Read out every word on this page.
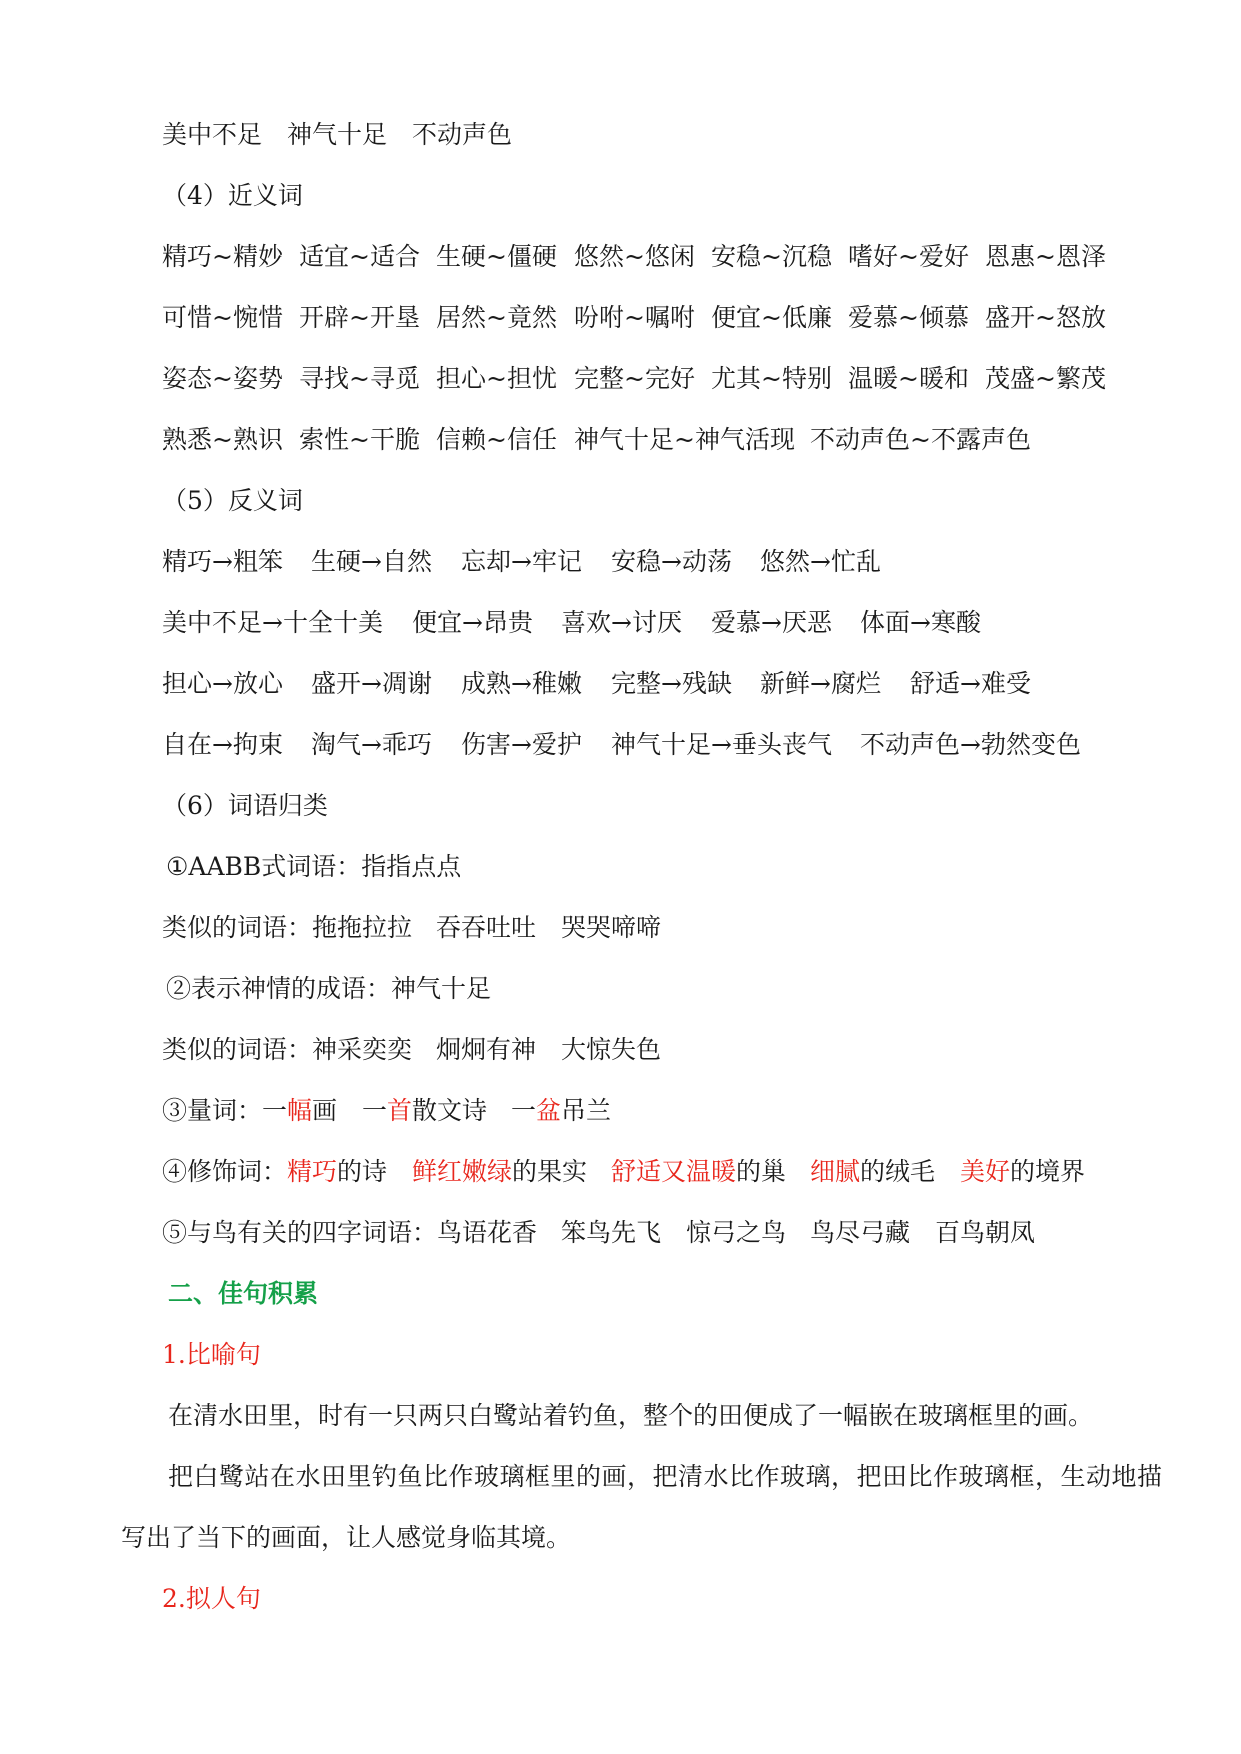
美中不足 神气十足 不动声色
（4）近义词
精巧~精妙 适宜~适合 生硬~僵硬 悠然~悠闲 安稳~沉稳 嗜好~爱好 恩惠~恩泽
可惜~惋惜 开辟~开垦 居然~竟然 吩咐~嘱咐 便宜~低廉 爱慕~倾慕 盛开~怒放
姿态~姿势 寻找~寻觅 担心~担忧 完整~完好 尤其~特别 温暖~暖和 茂盛~繁茂
熟悉~熟识 索性~干脆 信赖~信任 神气十足~神气活现 不动声色~不露声色
（5）反义词
精巧→粗笨 生硬→自然 忘却→牢记 安稳→动荡 悠然→忙乱
美中不足→十全十美 便宜→昂贵 喜欢→讨厌 爱慕→厌恶 体面→寒酸
担心→放心 盛开→凋谢 成熟→稚嫩 完整→残缺 新鲜→腐烂 舒适→难受
自在→拘束 淘气→乖巧 伤害→爱护 神气十足→垂头丧气 不动声色→勃然变色
（6）词语归类
①AABB式词语：指指点点
类似的词语：拖拖拉拉 吞吞吐吐 哭哭啼啼
②表示神情的成语：神气十足
类似的词语：神采奕奕 炯炯有神 大惊失色
③量词： 一幅画 一首散文诗 一盆吊兰
④修饰词： 精巧的诗 鲜红嫩绿的果实 舒适又温暖的巢 细腻的绒毛 美好的境界
⑤与鸟有关的四字词语：鸟语花香 笨鸟先飞 惊弓之鸟 鸟尽弓藏 百鸟朝凤
二、佳句积累
1.比喻句
在清水田里，时有一只两只白鹭站着钓鱼，整个的田便成了一幅嵌在玻璃框里的画。
把白鹭站在水田里钓鱼比作玻璃框里的画，把清水比作玻璃，把田比作玻璃框，生动地描
写出了当下的画面，让人感觉身临其境。
2.拟人句
